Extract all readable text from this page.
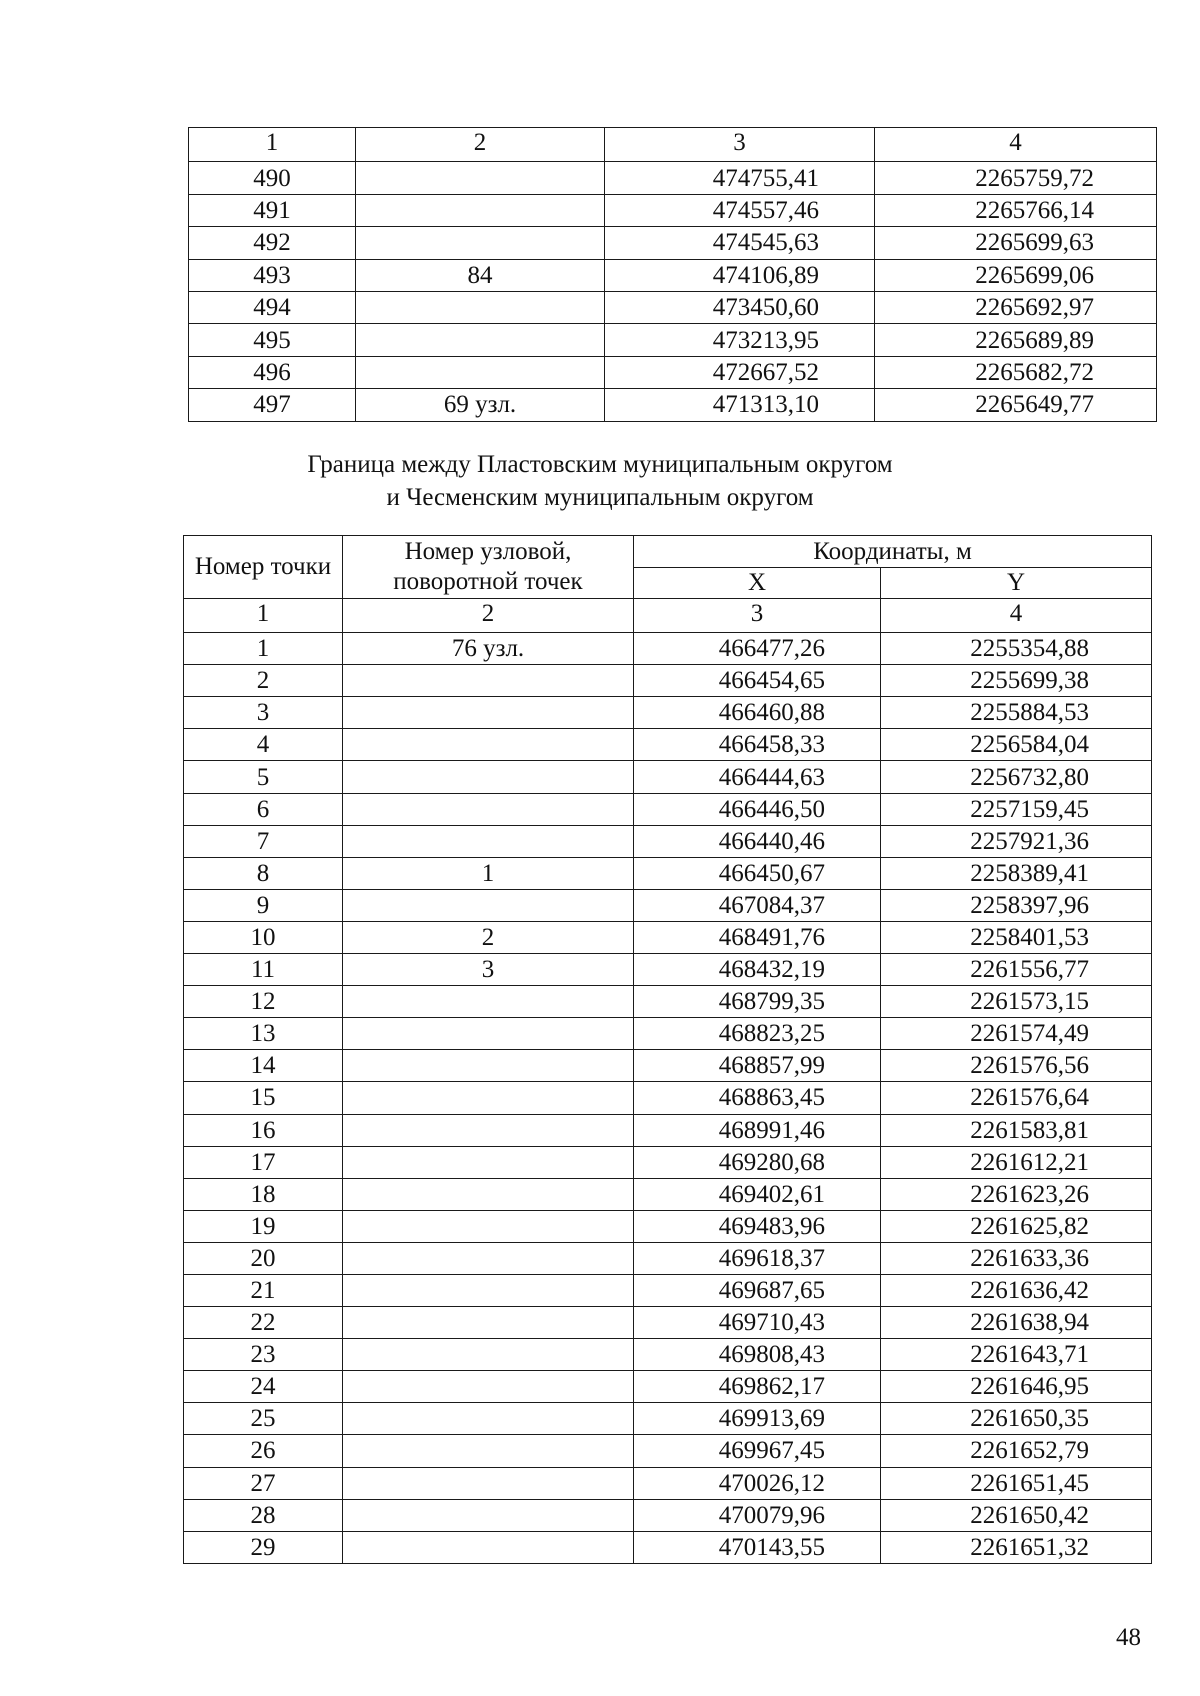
1	2	3	4
490		474755,41	2265759,72
491		474557,46	2265766,14
492		474545,63	2265699,63
493	84	474106,89	2265699,06
494		473450,60	2265692,97
495		473213,95	2265689,89
496		472667,52	2265682,72
497	69 узл.	471313,10	2265649,77
Граница между Пластовским муниципальным округом
и Чесменским муниципальным округом
Номер точки	Номер узловой, поворотной точек	Координаты, м	
		X	Y
1	2	3	4
1	76 узл.	466477,26	2255354,88
2		466454,65	2255699,38
3		466460,88	2255884,53
4		466458,33	2256584,04
5		466444,63	2256732,80
6		466446,50	2257159,45
7		466440,46	2257921,36
8	1	466450,67	2258389,41
9		467084,37	2258397,96
10	2	468491,76	2258401,53
11	3	468432,19	2261556,77
12		468799,35	2261573,15
13		468823,25	2261574,49
14		468857,99	2261576,56
15		468863,45	2261576,64
16		468991,46	2261583,81
17		469280,68	2261612,21
18		469402,61	2261623,26
19		469483,96	2261625,82
20		469618,37	2261633,36
21		469687,65	2261636,42
22		469710,43	2261638,94
23		469808,43	2261643,71
24		469862,17	2261646,95
25		469913,69	2261650,35
26		469967,45	2261652,79
27		470026,12	2261651,45
28		470079,96	2261650,42
29		470143,55	2261651,32
48
